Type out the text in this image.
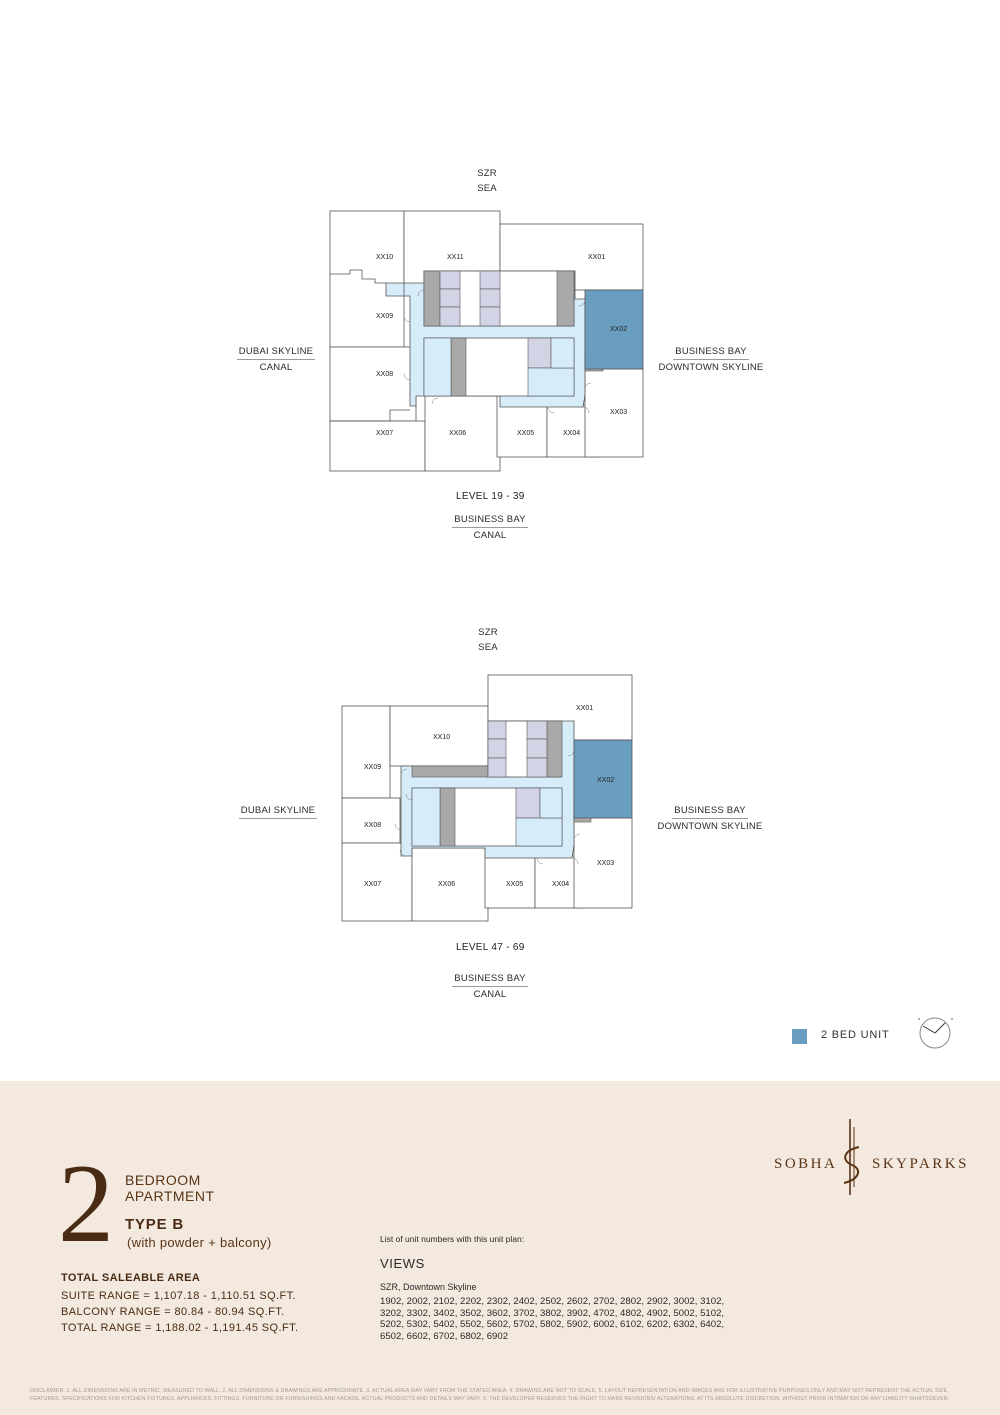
SZR
SEA
DUBAI SKYLINE
CANAL
BUSINESS BAY
DOWNTOWN SKYLINE
LEVEL 19 - 39
BUSINESS BAY
CANAL
XX10	XX11	XX01
XX09
XX02
XX08
XX03
XX07	XX06	XX05	XX04
SZR
SEA
DUBAI SKYLINE	BUSINESS BAY
DOWNTOWN SKYLINE
LEVEL 47 - 69
BUSINESS BAY
CANAL
XX01
XX10
XX09
XX02
XX08
XX03
XX07	XX06	XX05	XX04
2 BED UNIT
SOBHA SKYPARKS
2 BEDROOM
APARTMENT
TYPE B
(with powder + balcony)
TOTAL SALEABLE AREA
SUITE RANGE = 1,107.18 - 1,110.51 SQ.FT.
BALCONY RANGE = 80.84 - 80.94 SQ.FT.
TOTAL RANGE = 1,188.02 - 1,191.45 SQ.FT.
List of unit numbers with this unit plan:
VIEWS
SZR, Downtown Skyline
1902, 2002, 2102, 2202, 2302, 2402, 2502, 2602, 2702, 2802, 2902, 3002, 3102,
3202, 3302, 3402, 3502, 3602, 3702, 3802, 3902, 4702, 4802, 4902, 5002, 5102,
5202, 5302, 5402, 5502, 5602, 5702, 5802, 5902, 6002, 6102, 6202, 6302, 6402,
6502, 6602, 6702, 6802, 6902
DISCLAIMER: 1. ALL DIMENSIONS ARE IN METRIC, MEASURED TO WALL. 2. ALL DIMENSIONS & DRAWINGS ARE APPROXIMATE. 3. ACTUAL AREA MAY VARY FROM THE STATED AREA. 4. DRAWING ARE NOT TO SCALE. 5. LAYOUT REPRESENTATION AND IMAGES ARE FOR ILLUSTRATIVE PURPOSES ONLY AND MAY NOT REPRESENT THE ACTUAL SIZE, FEATURES, SPECIFICATIONS FOR KITCHEN FIXTURES, APPLIANCES, FITTINGS, FURNITURE OR FURNISHINGS AND FACADE. ACTUAL PRODUCTS AND DETAILS MAY VARY. 6. THE DEVELOPER RESERVES THE RIGHT TO MAKE REVISIONS/ ALTERATIONS, AT ITS ABSOLUTE DISCRETION, WITHOUT PRIOR INTIMATION OR ANY LIABILITY WHATSOEVER.
